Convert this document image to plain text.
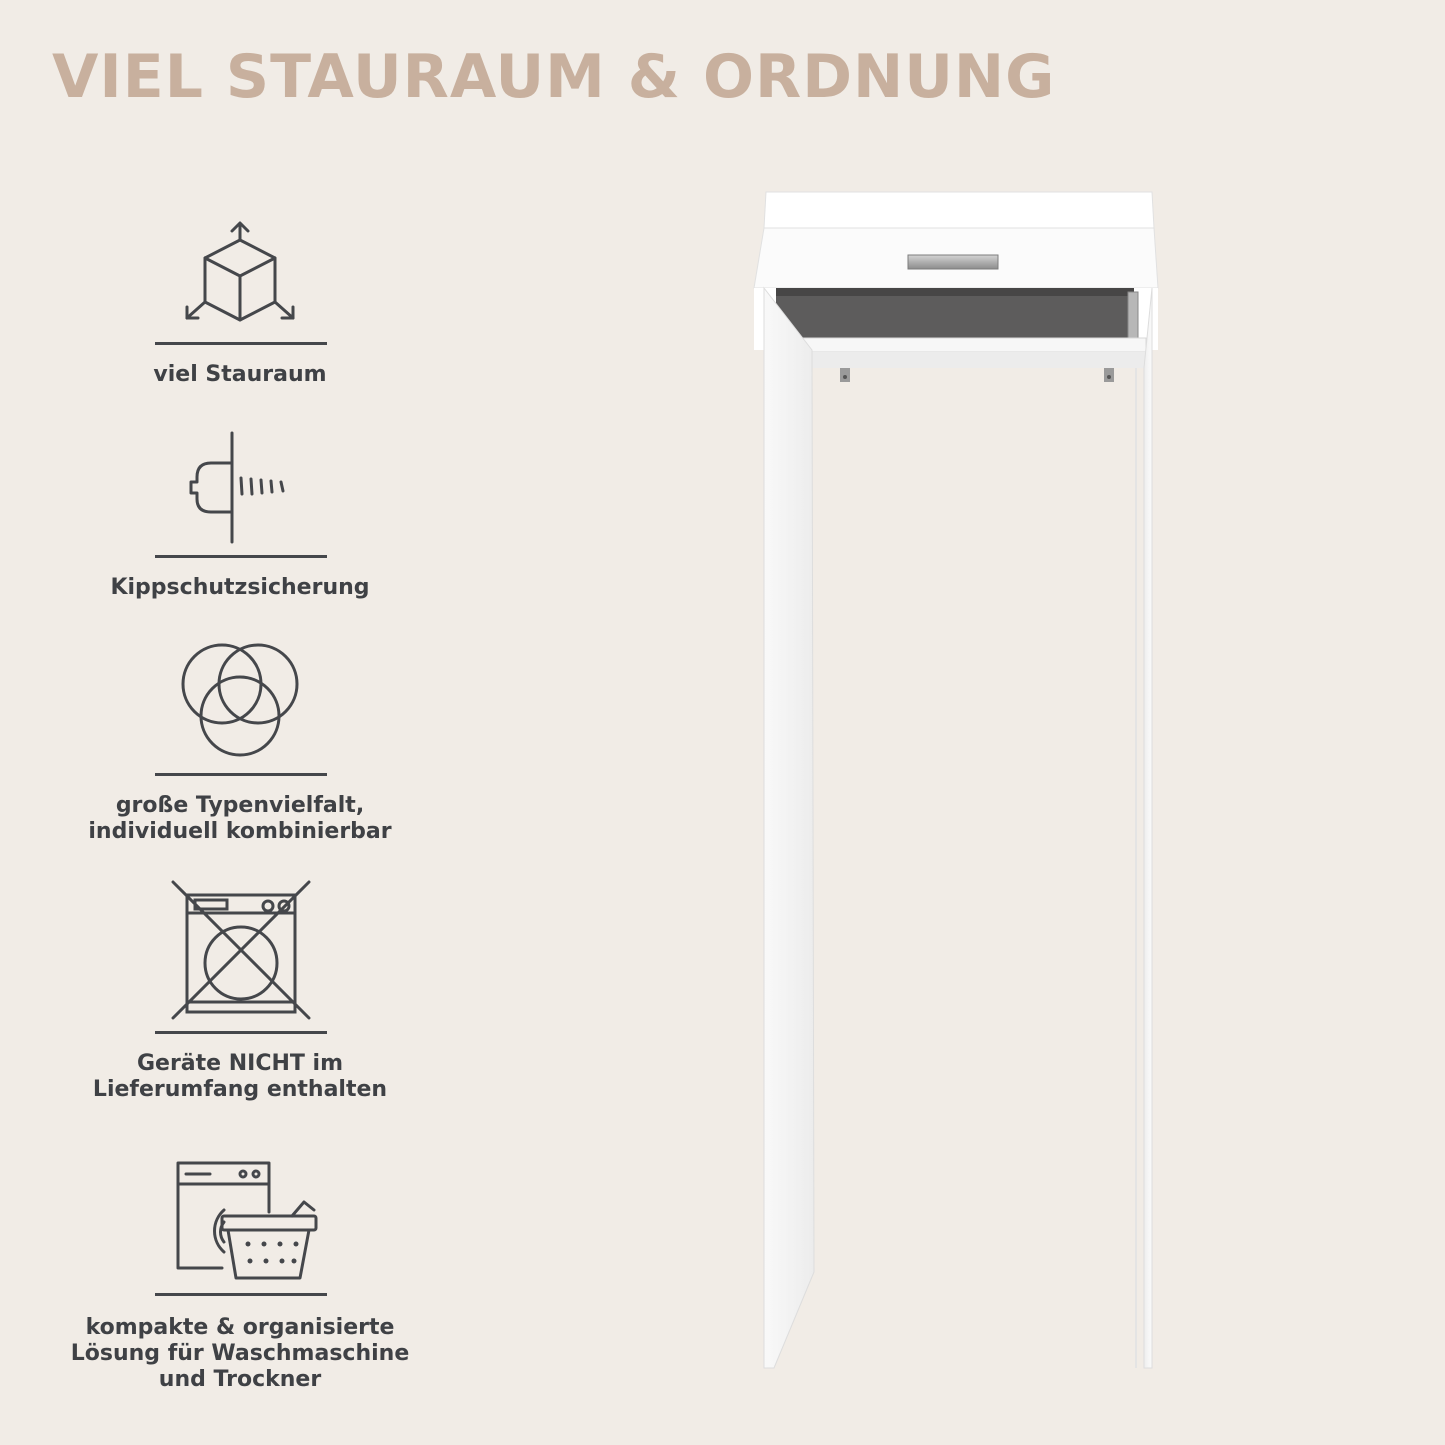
VIEL STAURAUM & ORDNUNG
viel Stauraum
Kippschutzsicherung
große Typenvielfalt,
individuell kombinierbar
Geräte NICHT im
Lieferumfang enthalten
kompakte & organisierte
Lösung für Waschmaschine
und Trockner
